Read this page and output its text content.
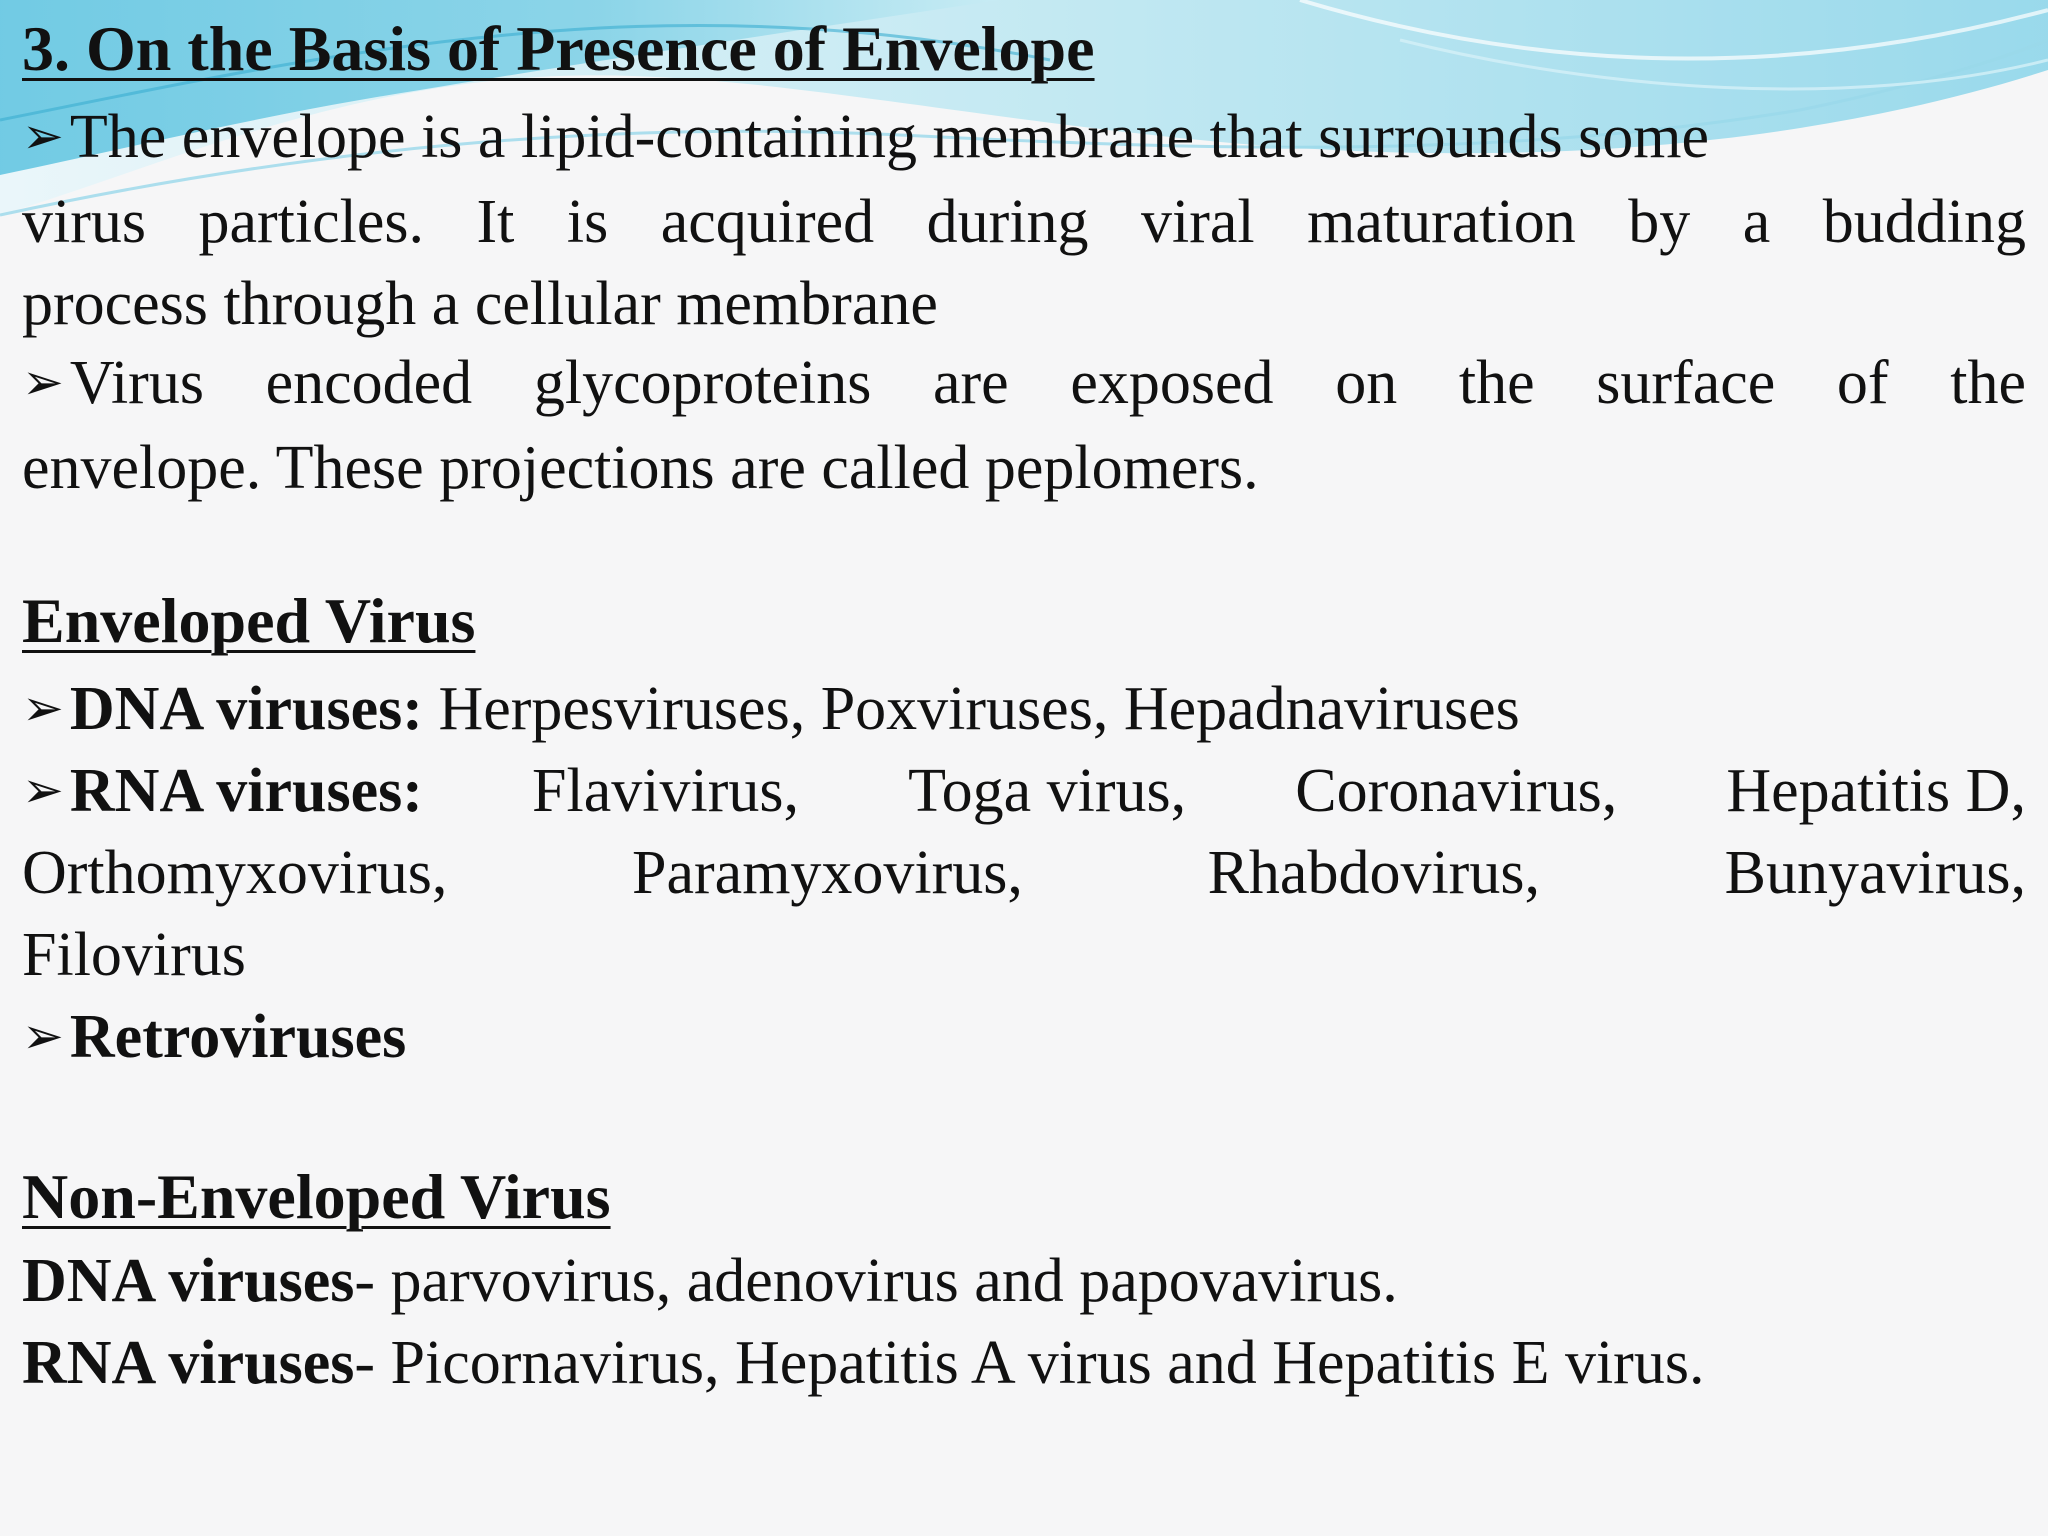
3. On the Basis of Presence of Envelope
➢The envelope is a lipid-containing membrane that surrounds some
virus particles. It is acquired during viral maturation by a budding
process through a cellular membrane
➢Virus encoded glycoproteins are exposed on the surface of the
envelope. These projections are called peplomers.
Enveloped Virus
➢DNA viruses: Herpesviruses, Poxviruses, Hepadnaviruses
➢RNA viruses: Flavivirus, Toga virus, Coronavirus, Hepatitis D,
Orthomyxovirus,	Paramyxovirus,	Rhabdovirus,	Bunyavirus,
Filovirus
➢Retroviruses
Non-Enveloped Virus
DNA viruses- parvovirus, adenovirus and papovavirus.
RNA viruses- Picornavirus, Hepatitis A virus and Hepatitis E virus.
